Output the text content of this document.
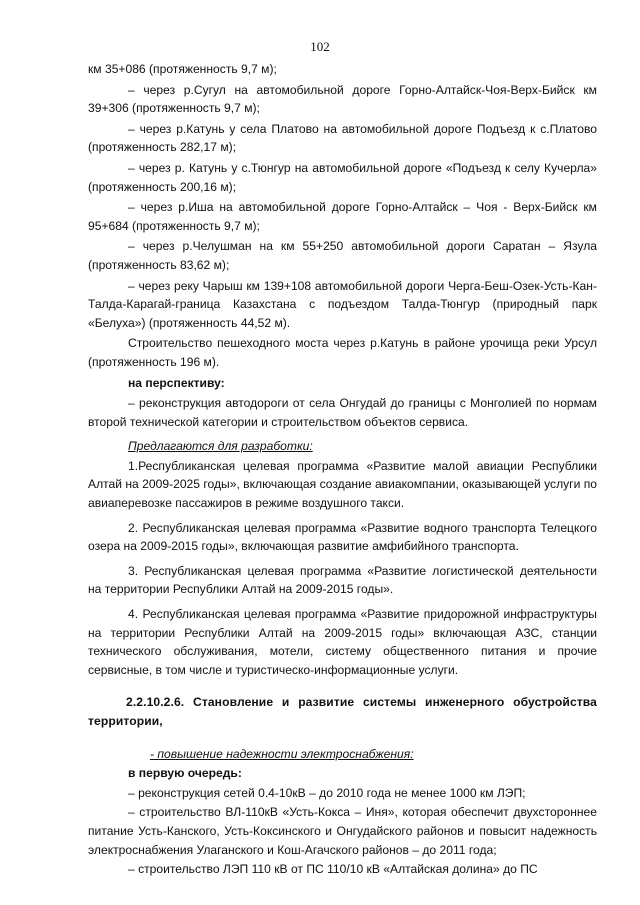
102

км 35+086 (протяженность 9,7 м);

– через р.Сугул на автомобильной дороге Горно-Алтайск-Чоя-Верх-Бийск км 39+306 (протяженность 9,7 м);

– через р.Катунь у села Платово на автомобильной дороге Подъезд к с.Платово (протяженность 282,17 м);

– через р. Катунь у с.Тюнгур на автомобильной дороге «Подъезд к селу Кучерла» (протяженность 200,16 м);

– через р.Иша на автомобильной дороге Горно-Алтайск – Чоя - Верх-Бийск км 95+684 (протяженность 9,7 м);

– через р.Челушман на км 55+250 автомобильной дороги Саратан – Язула (протяженность 83,62 м);

– через реку Чарыш км 139+108 автомобильной дороги Черга-Беш-Озек-Усть-Кан-Талда-Карагай-граница Казахстана с подъездом Талда-Тюнгур (природный парк «Белуха») (протяженность 44,52 м).

Строительство пешеходного моста через р.Катунь в районе урочища реки Урсул (протяженность 196 м).

на перспективу:

– реконструкция автодороги от села Онгудай до границы с Монголией по нормам второй технической категории и строительством объектов сервиса.

Предлагаются для разработки:

1.Республиканская целевая программа «Развитие малой авиации Республики Алтай на 2009-2025 годы», включающая создание авиакомпании, оказывающей услуги по авиаперевозке пассажиров в режиме воздушного такси.

2. Республиканская целевая программа «Развитие водного транспорта Телецкого озера на 2009-2015 годы», включающая развитие амфибийного транспорта.

3. Республиканская целевая программа «Развитие логистической деятельности на территории Республики Алтай на 2009-2015 годы».

4. Республиканская целевая программа «Развитие придорожной инфраструктуры на территории Республики Алтай на 2009-2015 годы» включающая АЗС, станции технического обслуживания, мотели, систему общественного питания и прочие сервисные, в том числе и туристическо-информационные услуги.

2.2.10.2.6. Становление и развитие системы инженерного обустройства территории,

- повышение надежности электроснабжения:

в первую очередь:

– реконструкция сетей 0.4-10кВ – до 2010 года не менее 1000 км ЛЭП;

– строительство ВЛ-110кВ «Усть-Кокса – Иня», которая обеспечит двухстороннее питание Усть-Канского, Усть-Коксинского и Онгудайского районов и повысит надежность электроснабжения Улаганского и Кош-Агачского районов – до 2011 года;

– строительство ЛЭП 110 кВ от ПС 110/10 кВ «Алтайская долина» до ПС
